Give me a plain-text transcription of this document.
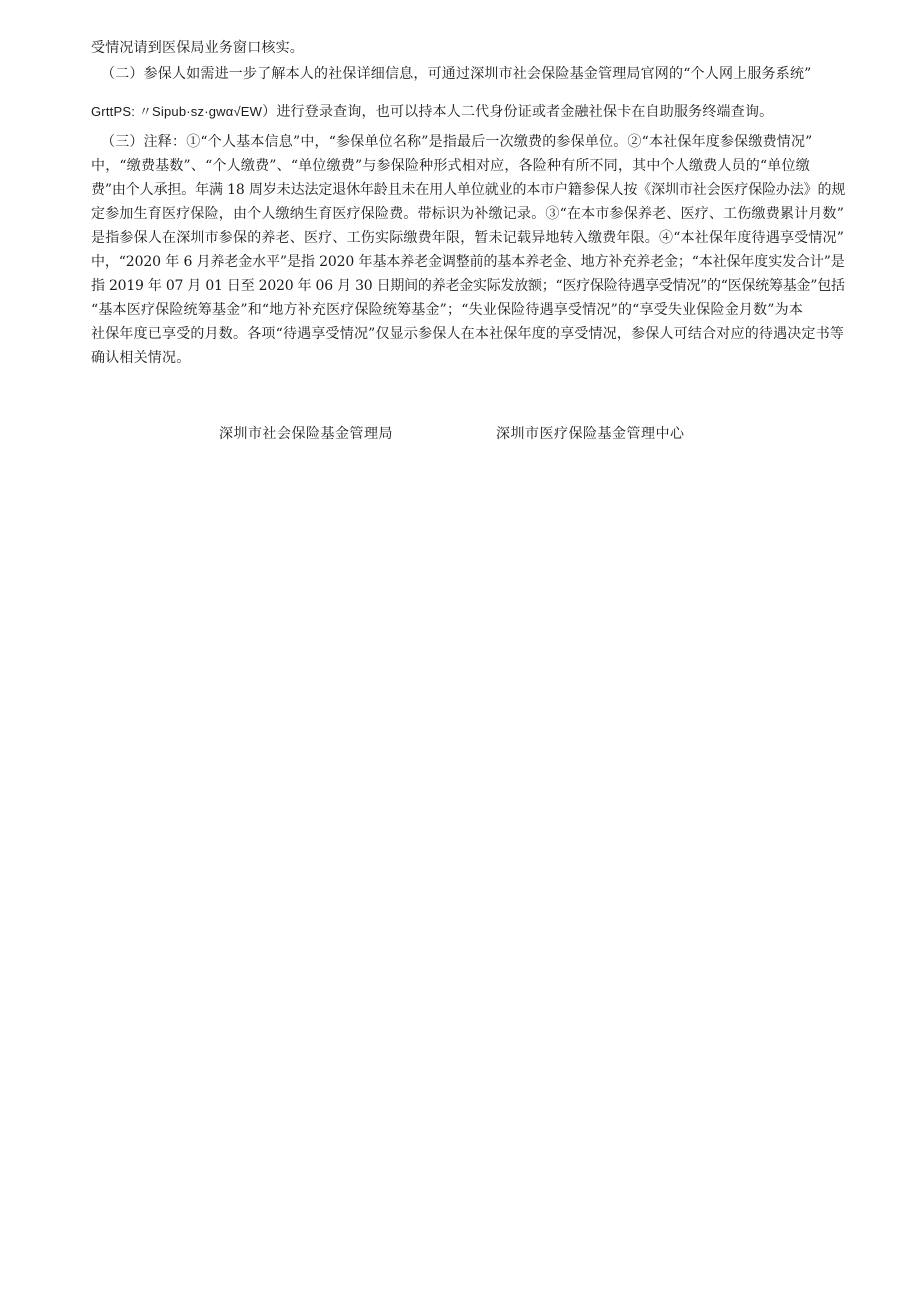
受情况请到医保局业务窗口核实。
（二）参保人如需进一步了解本人的社保详细信息，可通过深圳市社会保险基金管理局官网的“个人网上服务系统”
GrttPS: 〃Sipub·sz·gwα√EW）进行登录查询，也可以持本人二代身份证或者金融社保卡在自助服务终端查询。
（三）注释：①“个人基本信息”中，“参保单位名称”是指最后一次缴费的参保单位。②“本社保年度参保缴费情况”
中，“缴费基数”、“个人缴费”、“单位缴费”与参保险种形式相对应，各险种有所不同，其中个人缴费人员的“单位缴
费”由个人承担。年满 18 周岁未达法定退休年龄且未在用人单位就业的本市户籍参保人按《深圳市社会医疗保险办法》的规
定参加生育医疗保险，由个人缴纳生育医疗保险费。带标识为补缴记录。③“在本市参保养老、医疗、工伤缴费累计月数”
是指参保人在深圳市参保的养老、医疗、工伤实际缴费年限，暂未记载异地转入缴费年限。④“本社保年度待遇享受情况”
中，“2020 年 6 月养老金水平”是指 2020 年基本养老金调整前的基本养老金、地方补充养老金；“本社保年度实发合计”是
指 2019 年 07 月 01 日至 2020 年 06 月 30 日期间的养老金实际发放额；“医疗保险待遇享受情况”的“医保统筹基金”包括
“基本医疗保险统筹基金”和“地方补充医疗保险统筹基金”；“失业保险待遇享受情况”的“享受失业保险金月数”为本
社保年度已享受的月数。各项“待遇享受情况”仅显示参保人在本社保年度的享受情况，参保人可结合对应的待遇决定书等
确认相关情况。
深圳市社会保险基金管理局	深圳市医疗保险基金管理中心
